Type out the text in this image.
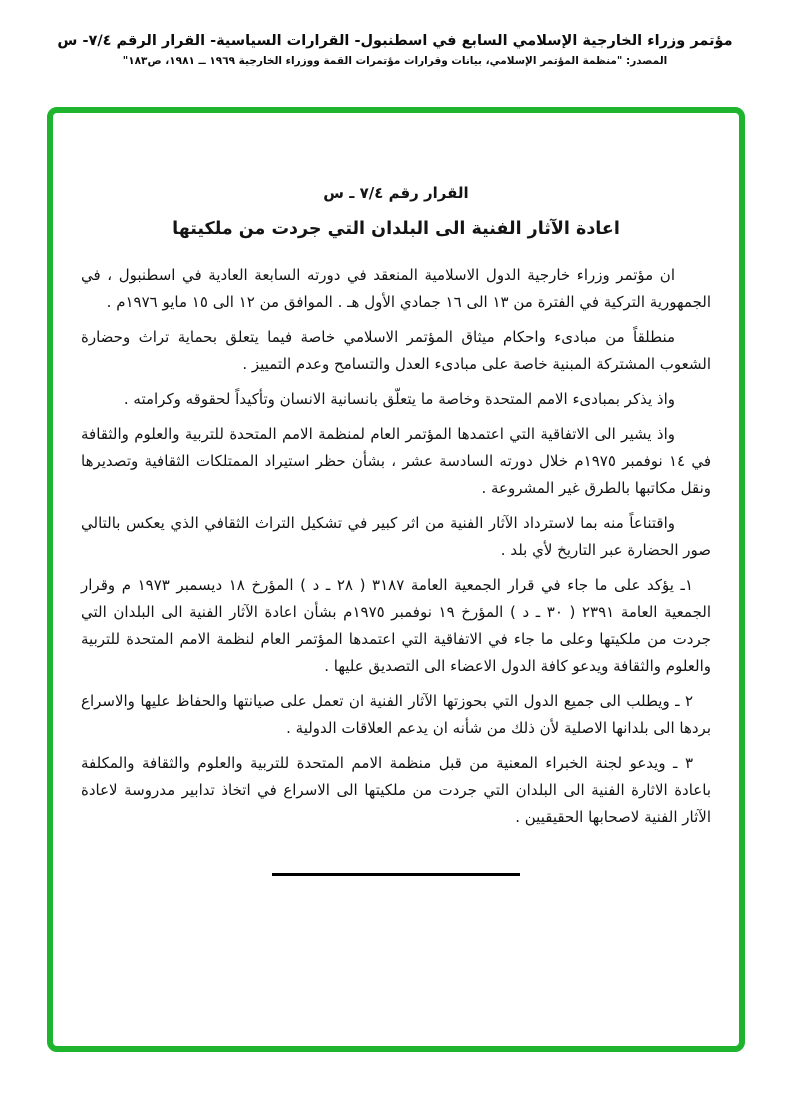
مؤتمر وزراء الخارجية الإسلامي السابع في اسطنبول- القرارات السياسية- القرار الرقم ٧/٤- س
المصدر: "منظمة المؤتمر الإسلامي، بيانات وقرارات مؤتمرات القمة ووزراء الخارجية ١٩٦٩ ــ ١٩٨١، ص١٨٣"
القرار رقم ٧/٤ ـ س
اعادة الآثار الفنية الى البلدان التي جردت من ملكيتها
ان مؤتمر وزراء خارجية الدول الاسلامية المنعقد في دورته السابعة العادية في اسطنبول ، في الجمهورية التركية في الفترة من ١٣ الى ١٦ جمادي الأول هـ . الموافق من ١٢ الى ١٥ مايو ١٩٧٦م .
منطلقاً من مبادىء واحكام ميثاق المؤتمر الاسلامي خاصة فيما يتعلق بحماية تراث وحضارة الشعوب المشتركة المبنية خاصة على مبادىء العدل والتسامح وعدم التمييز .
واذ يذكر بمبادىء الامم المتحدة وخاصة ما يتعلّق بانسانية الانسان وتأكيداً لحقوقه وكرامته .
واذ يشير الى الاتفاقية التي اعتمدها المؤتمر العام لمنظمة الامم المتحدة للتربية والعلوم والثقافة في ١٤ نوفمبر ١٩٧٥م خلال دورته السادسة عشر ، بشأن حظر استيراد الممتلكات الثقافية وتصديرها ونقل مكاتبها بالطرق غير المشروعة .
واقتناعاً منه بما لاسترداد الآثار الفنية من اثر كبير في تشكيل التراث الثقافي الذي يعكس بالتالي صور الحضارة عبر التاريخ لأي بلد .
١ـ يؤكد على ما جاء في قرار الجمعية العامة ٣١٨٧ ‭( د ـ ٢٨ )‬ المؤرخ ١٨ ديسمبر ١٩٧٣ م وقرار الجمعية العامة ٢٣٩١ ‭( د ـ ٣٠ )‬ المؤرخ ١٩ نوفمبر ١٩٧٥م بشأن اعادة الآثار الفنية الى البلدان التي جردت من ملكيتها وعلى ما جاء في الاتفاقية التي اعتمدها المؤتمر العام لنظمة الامم المتحدة للتربية والعلوم والثقافة ويدعو كافة الدول الاعضاء الى التصديق عليها .
٢ ـ ويطلب الى جميع الدول التي بحوزتها الآثار الفنية ان تعمل على صيانتها والحفاظ عليها والاسراع بردها الى بلدانها الاصلية لأن ذلك من شأنه ان يدعم العلاقات الدولية .
٣ ـ ويدعو لجنة الخبراء المعنية من قبل منظمة الامم المتحدة للتربية والعلوم والثقافة والمكلفة باعادة الاثارة الفنية الى البلدان التي جردت من ملكيتها الى الاسراع في اتخاذ تدابير مدروسة لاعادة الآثار الفنية لاصحابها الحقيقيين .
